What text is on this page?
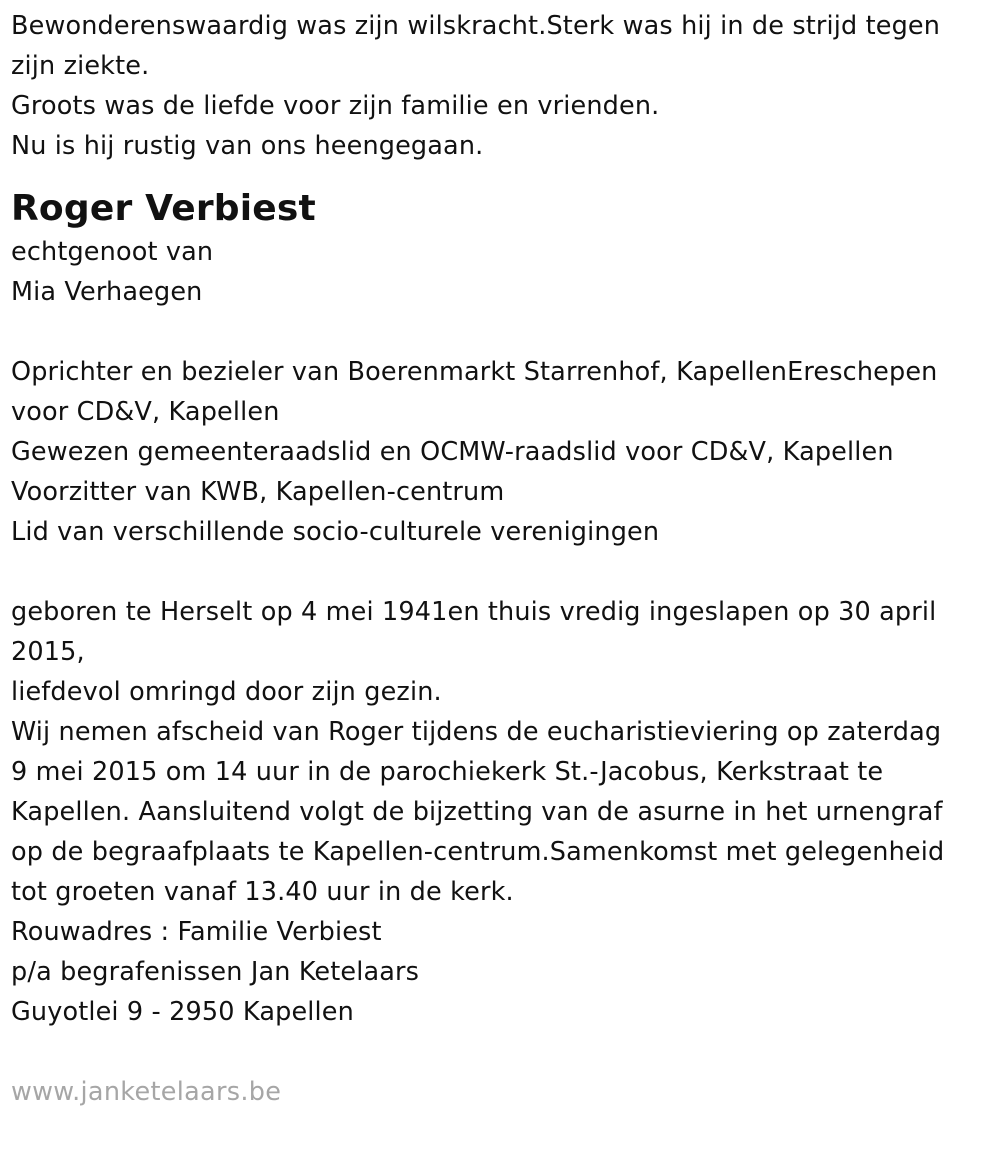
Bewonderenswaardig was zijn wilskracht.Sterk was hij in de strijd tegen
zijn ziekte.
Groots was de liefde voor zijn familie en vrienden.
Nu is hij rustig van ons heengegaan.
Roger Verbiest
echtgenoot van
Mia Verhaegen
Oprichter en bezieler van Boerenmarkt Starrenhof, KapellenEreschepen
voor CD&V, Kapellen
Gewezen gemeenteraadslid en OCMW-raadslid voor CD&V, Kapellen
Voorzitter van KWB, Kapellen-centrum
Lid van verschillende socio-culturele verenigingen
geboren te Herselt op 4 mei 1941en thuis vredig ingeslapen op 30 april
2015,
liefdevol omringd door zijn gezin.
Wij nemen afscheid van Roger tijdens de eucharistieviering op zaterdag
9 mei 2015 om 14 uur in de parochiekerk St.-Jacobus, Kerkstraat te
Kapellen. Aansluitend volgt de bijzetting van de asurne in het urnengraf
op de begraafplaats te Kapellen-centrum.Samenkomst met gelegenheid
tot groeten vanaf 13.40 uur in de kerk.
Rouwadres : Familie Verbiest
p/a begrafenissen Jan Ketelaars
Guyotlei 9 - 2950 Kapellen
www.janketelaars.be
